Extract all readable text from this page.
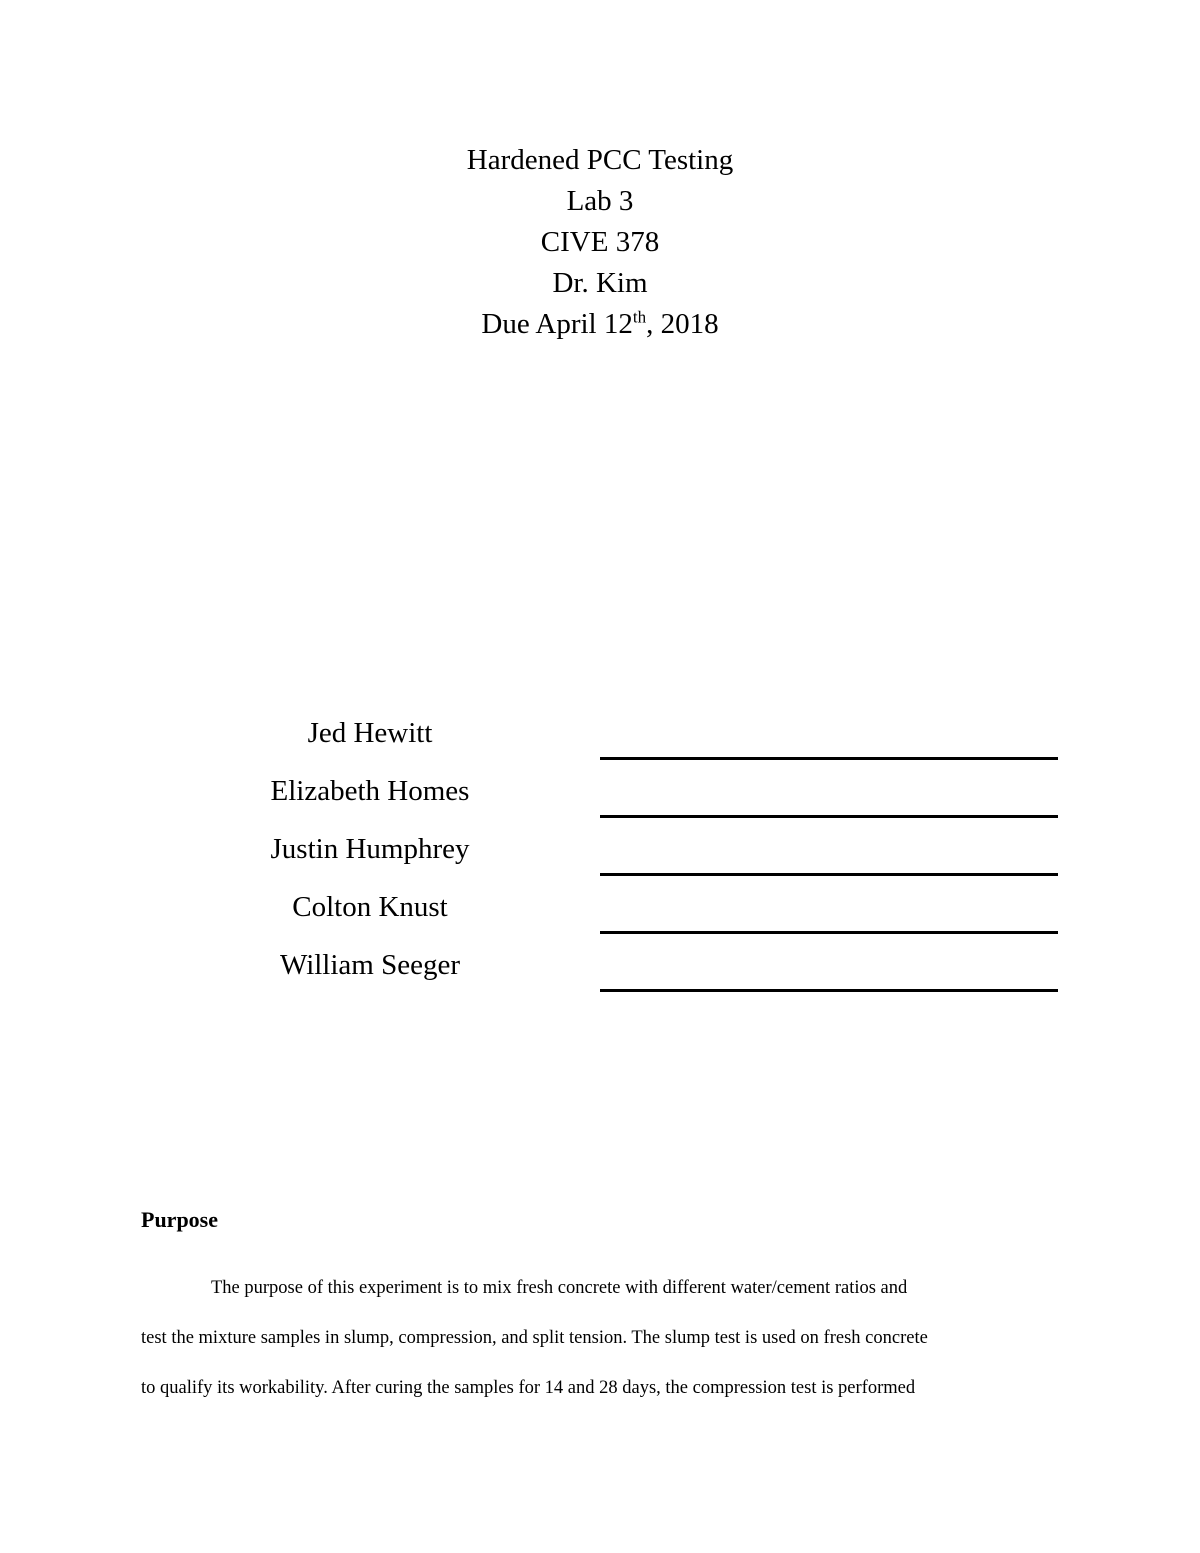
Hardened PCC Testing
Lab 3
CIVE 378
Dr. Kim
Due April 12th, 2018
Jed Hewitt
Elizabeth Homes
Justin Humphrey
Colton Knust
William Seeger
Purpose
The purpose of this experiment is to mix fresh concrete with different water/cement ratios and
test the mixture samples in slump, compression, and split tension. The slump test is used on fresh concrete
to qualify its workability. After curing the samples for 14 and 28 days, the compression test is performed
